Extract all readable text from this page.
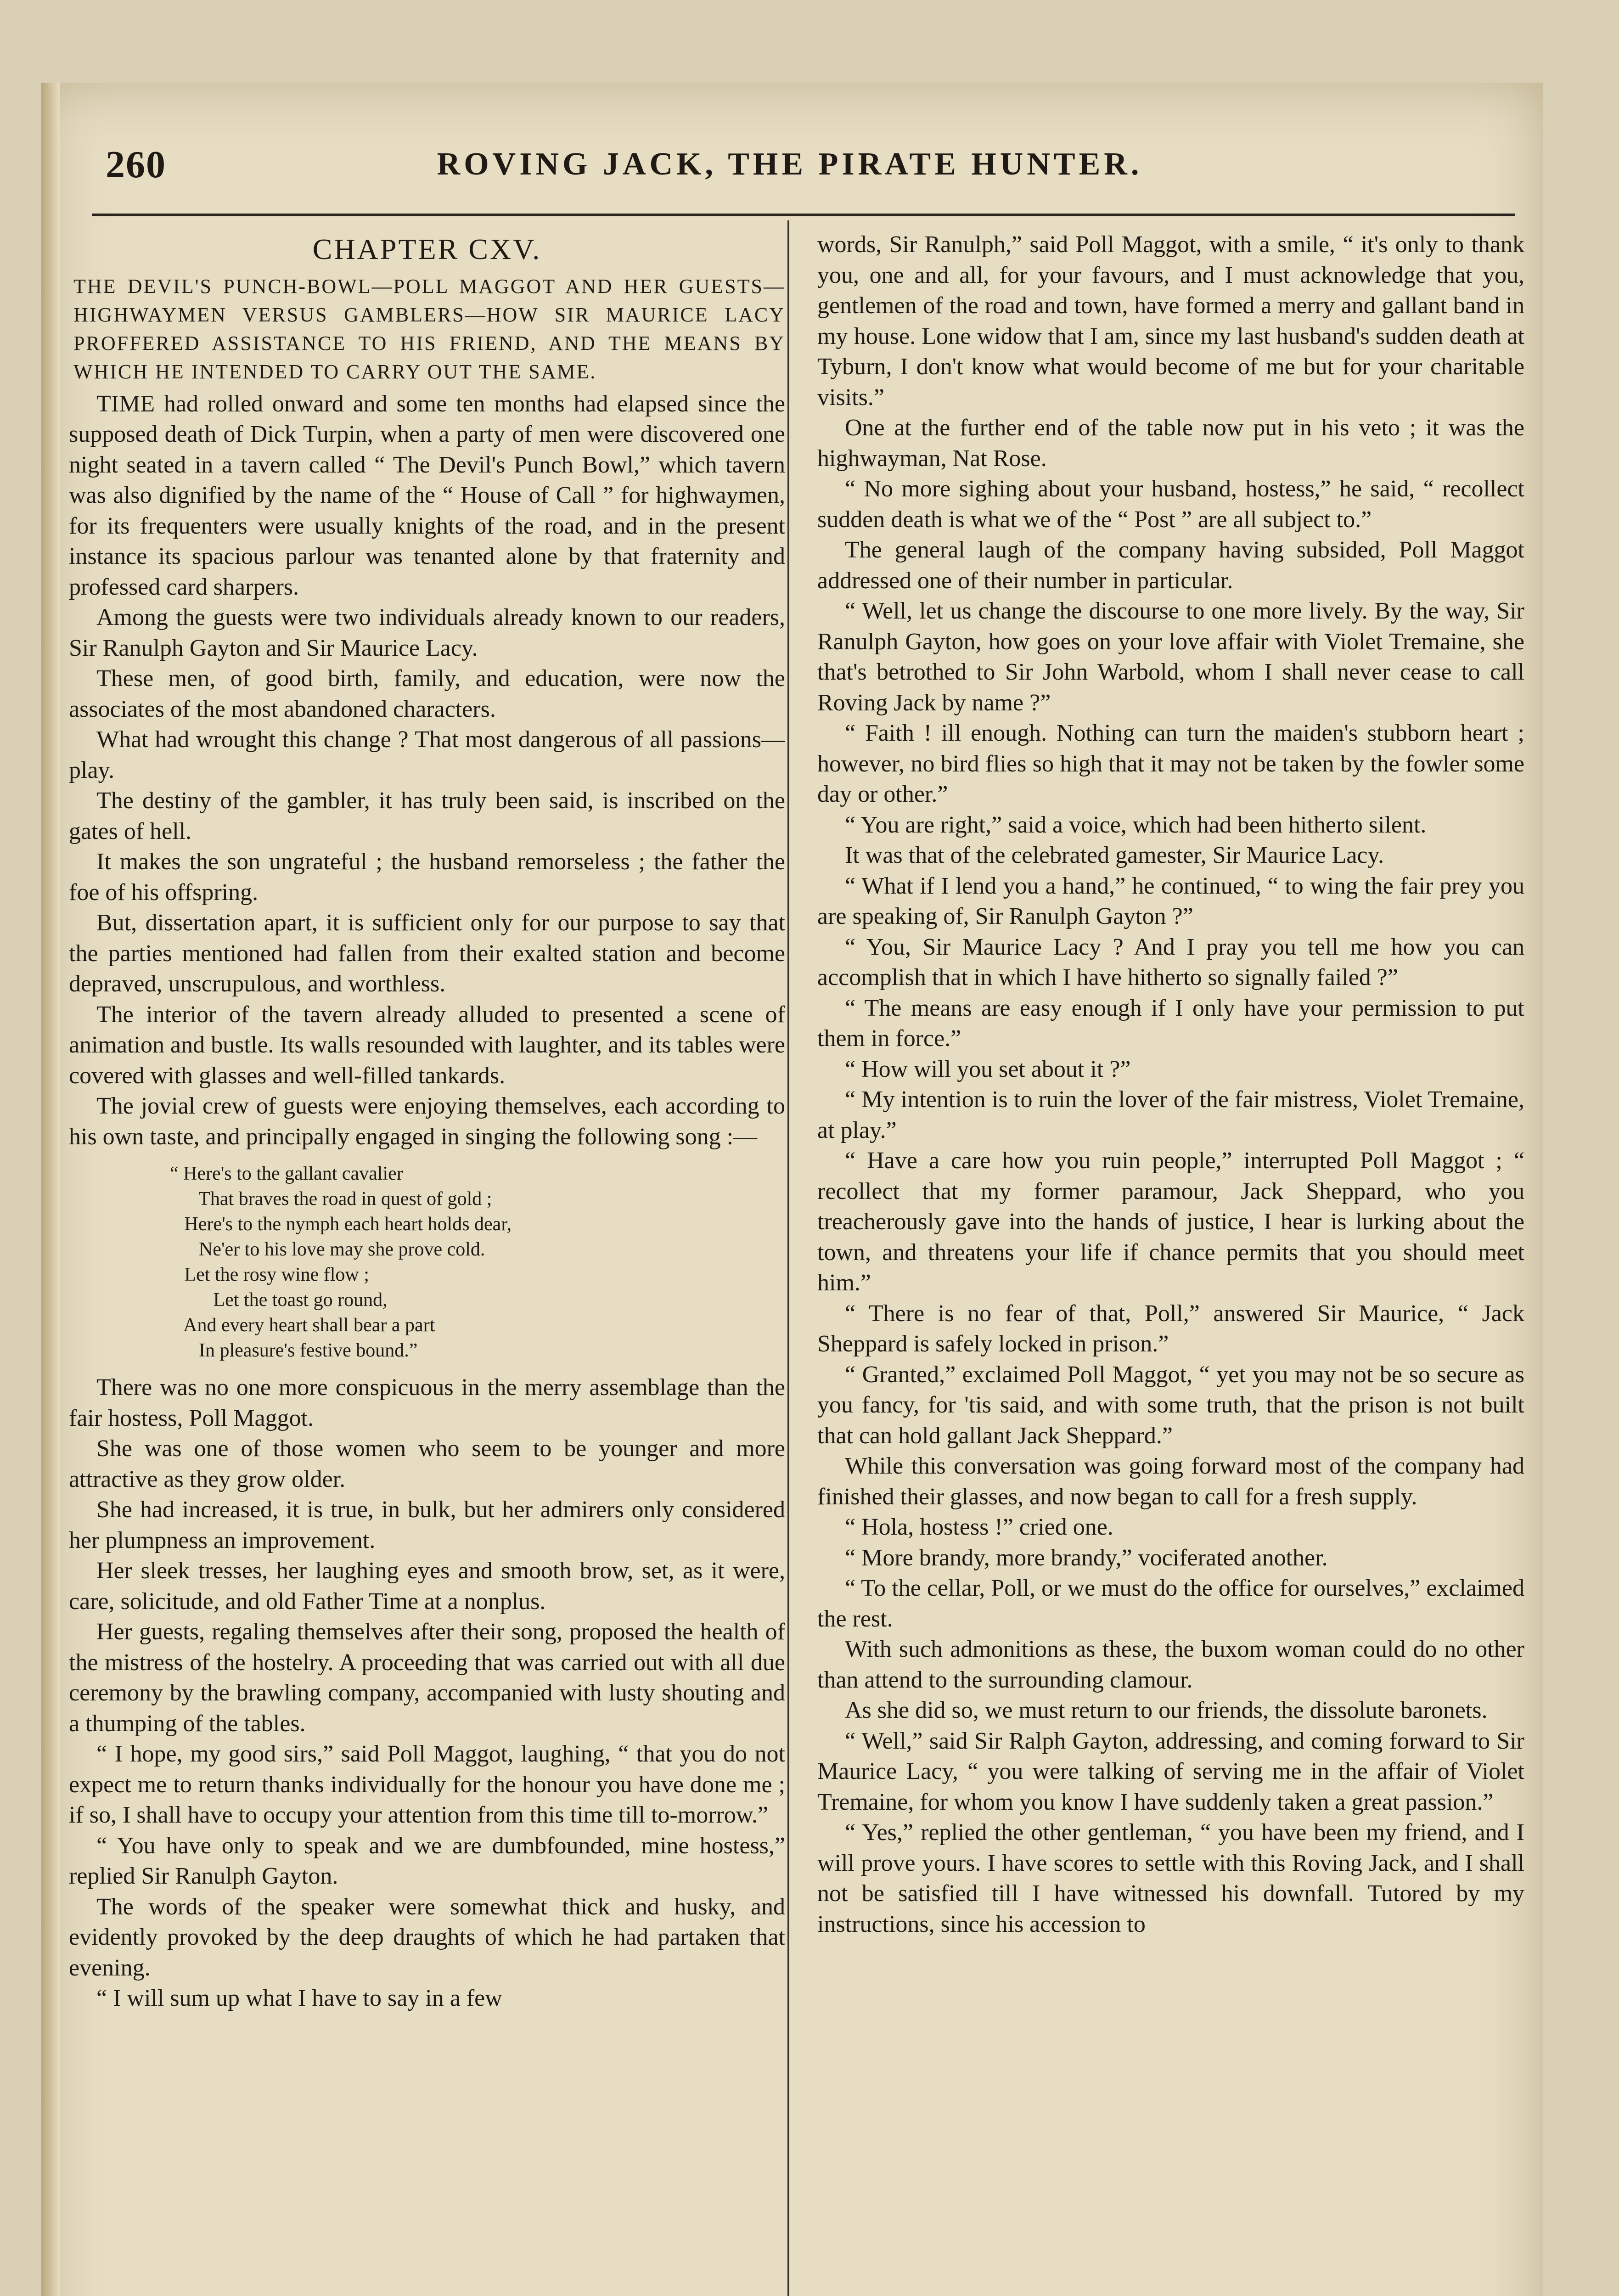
260	ROVING JACK, THE PIRATE HUNTER.
CHAPTER CXV.
THE DEVIL'S PUNCH-BOWL—POLL MAGGOT AND HER GUESTS—HIGHWAYMEN VERSUS GAMBLERS—HOW SIR MAURICE LACY PROFFERED ASSISTANCE TO HIS FRIEND, AND THE MEANS BY WHICH HE INTENDED TO CARRY OUT THE SAME.

TIME had rolled onward and some ten months had elapsed since the supposed death of Dick Turpin, when a party of men were discovered one night seated in a tavern called “ The Devil's Punch Bowl,” which tavern was also dignified by the name of the “ House of Call ” for highwaymen, for its frequenters were usually knights of the road, and in the present instance its spacious parlour was tenanted alone by that fraternity and professed card sharpers.

Among the guests were two individuals already known to our readers, Sir Ranulph Gayton and Sir Maurice Lacy.

These men, of good birth, family, and education, were now the associates of the most abandoned characters.

What had wrought this change ? That most dangerous of all passions—play.

The destiny of the gambler, it has truly been said, is inscribed on the gates of hell.

It makes the son ungrateful ; the husband remorseless ; the father the foe of his offspring.

But, dissertation apart, it is sufficient only for our purpose to say that the parties mentioned had fallen from their exalted station and become depraved, unscrupulous, and worthless.

The interior of the tavern already alluded to presented a scene of animation and bustle. Its walls resounded with laughter, and its tables were covered with glasses and well-filled tankards.

The jovial crew of guests were enjoying themselves, each according to his own taste, and principally engaged in singing the following song :—

“ Here's to the gallant cavalier
That braves the road in quest of gold ;
Here's to the nymph each heart holds dear,
Ne'er to his love may she prove cold.
Let the rosy wine flow ;
Let the toast go round,
And every heart shall bear a part
In pleasure's festive bound.”

There was no one more conspicuous in the merry assemblage than the fair hostess, Poll Maggot.

She was one of those women who seem to be younger and more attractive as they grow older.

She had increased, it is true, in bulk, but her admirers only considered her plumpness an improvement.

Her sleek tresses, her laughing eyes and smooth brow, set, as it were, care, solicitude, and old Father Time at a nonplus.

Her guests, regaling themselves after their song, proposed the health of the mistress of the hostelry. A proceeding that was carried out with all due ceremony by the brawling company, accompanied with lusty shouting and a thumping of the tables.

“ I hope, my good sirs,” said Poll Maggot, laughing, “ that you do not expect me to return thanks individually for the honour you have done me ; if so, I shall have to occupy your attention from this time till to-morrow.”

“ You have only to speak and we are dumbfounded, mine hostess,” replied Sir Ranulph Gayton.

The words of the speaker were somewhat thick and husky, and evidently provoked by the deep draughts of which he had partaken that evening.

“ I will sum up what I have to say in a few

words, Sir Ranulph,” said Poll Maggot, with a smile, “ it's only to thank you, one and all, for your favours, and I must acknowledge that you, gentlemen of the road and town, have formed a merry and gallant band in my house. Lone widow that I am, since my last husband's sudden death at Tyburn, I don't know what would become of me but for your charitable visits.”

One at the further end of the table now put in his veto ; it was the highwayman, Nat Rose.

“ No more sighing about your husband, hostess,” he said, “ recollect sudden death is what we of the “ Post ” are all subject to.”

The general laugh of the company having subsided, Poll Maggot addressed one of their number in particular.

“ Well, let us change the discourse to one more lively. By the way, Sir Ranulph Gayton, how goes on your love affair with Violet Tremaine, she that's betrothed to Sir John Warbold, whom I shall never cease to call Roving Jack by name ?”

“ Faith ! ill enough. Nothing can turn the maiden's stubborn heart ; however, no bird flies so high that it may not be taken by the fowler some day or other.”

“ You are right,” said a voice, which had been hitherto silent.

It was that of the celebrated gamester, Sir Maurice Lacy.

“ What if I lend you a hand,” he continued, “ to wing the fair prey you are speaking of, Sir Ranulph Gayton ?”

“ You, Sir Maurice Lacy ? And I pray you tell me how you can accomplish that in which I have hitherto so signally failed ?”

“ The means are easy enough if I only have your permission to put them in force.”

“ How will you set about it ?”

“ My intention is to ruin the lover of the fair mistress, Violet Tremaine, at play.”

“ Have a care how you ruin people,” interrupted Poll Maggot ; “ recollect that my former paramour, Jack Sheppard, who you treacherously gave into the hands of justice, I hear is lurking about the town, and threatens your life if chance permits that you should meet him.”

“ There is no fear of that, Poll,” answered Sir Maurice, “ Jack Sheppard is safely locked in prison.”

“ Granted,” exclaimed Poll Maggot, “ yet you may not be so secure as you fancy, for 'tis said, and with some truth, that the prison is not built that can hold gallant Jack Sheppard.”

While this conversation was going forward most of the company had finished their glasses, and now began to call for a fresh supply.

“ Hola, hostess !” cried one.

“ More brandy, more brandy,” vociferated another.

“ To the cellar, Poll, or we must do the office for ourselves,” exclaimed the rest.

With such admonitions as these, the buxom woman could do no other than attend to the surrounding clamour.

As she did so, we must return to our friends, the dissolute baronets.

“ Well,” said Sir Ralph Gayton, addressing, and coming forward to Sir Maurice Lacy, “ you were talking of serving me in the affair of Violet Tremaine, for whom you know I have suddenly taken a great passion.”

“ Yes,” replied the other gentleman, “ you have been my friend, and I will prove yours. I have scores to settle with this Roving Jack, and I shall not be satisfied till I have witnessed his downfall. Tutored by my instructions, since his accession to
